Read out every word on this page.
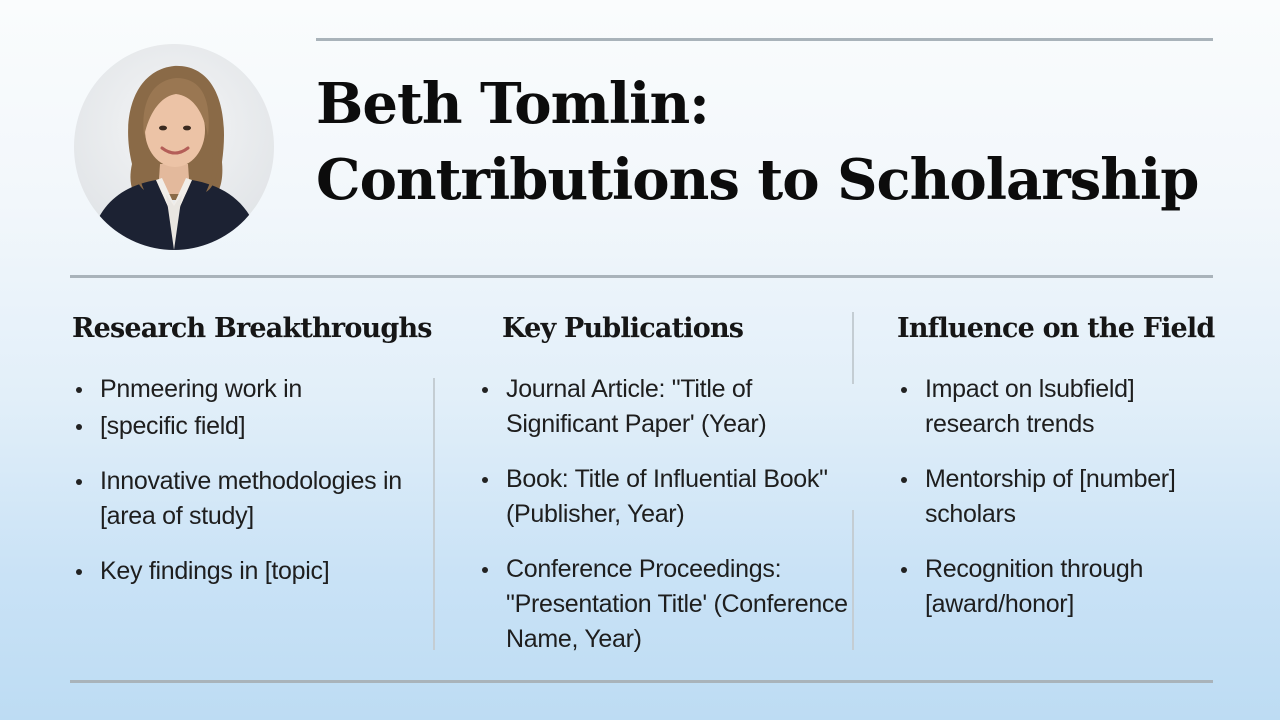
Beth Tomlin:
Contributions to Scholarship
Research Breakthroughs
Pnmeering work in
[specific field]
Innovative methodologies in [area of study]
Key findings in [topic]
Key Publications
Journal Article: "Title of Significant Paper' (Year)
Book: Title of Influential Book" (Publisher, Year)
Conference Proceedings: "Presentation Title' (Conference Name, Year)
Influence on the Field
Impact on lsubfield] research trends
Mentorship of [number] scholars
Recognition through [award/honor]
